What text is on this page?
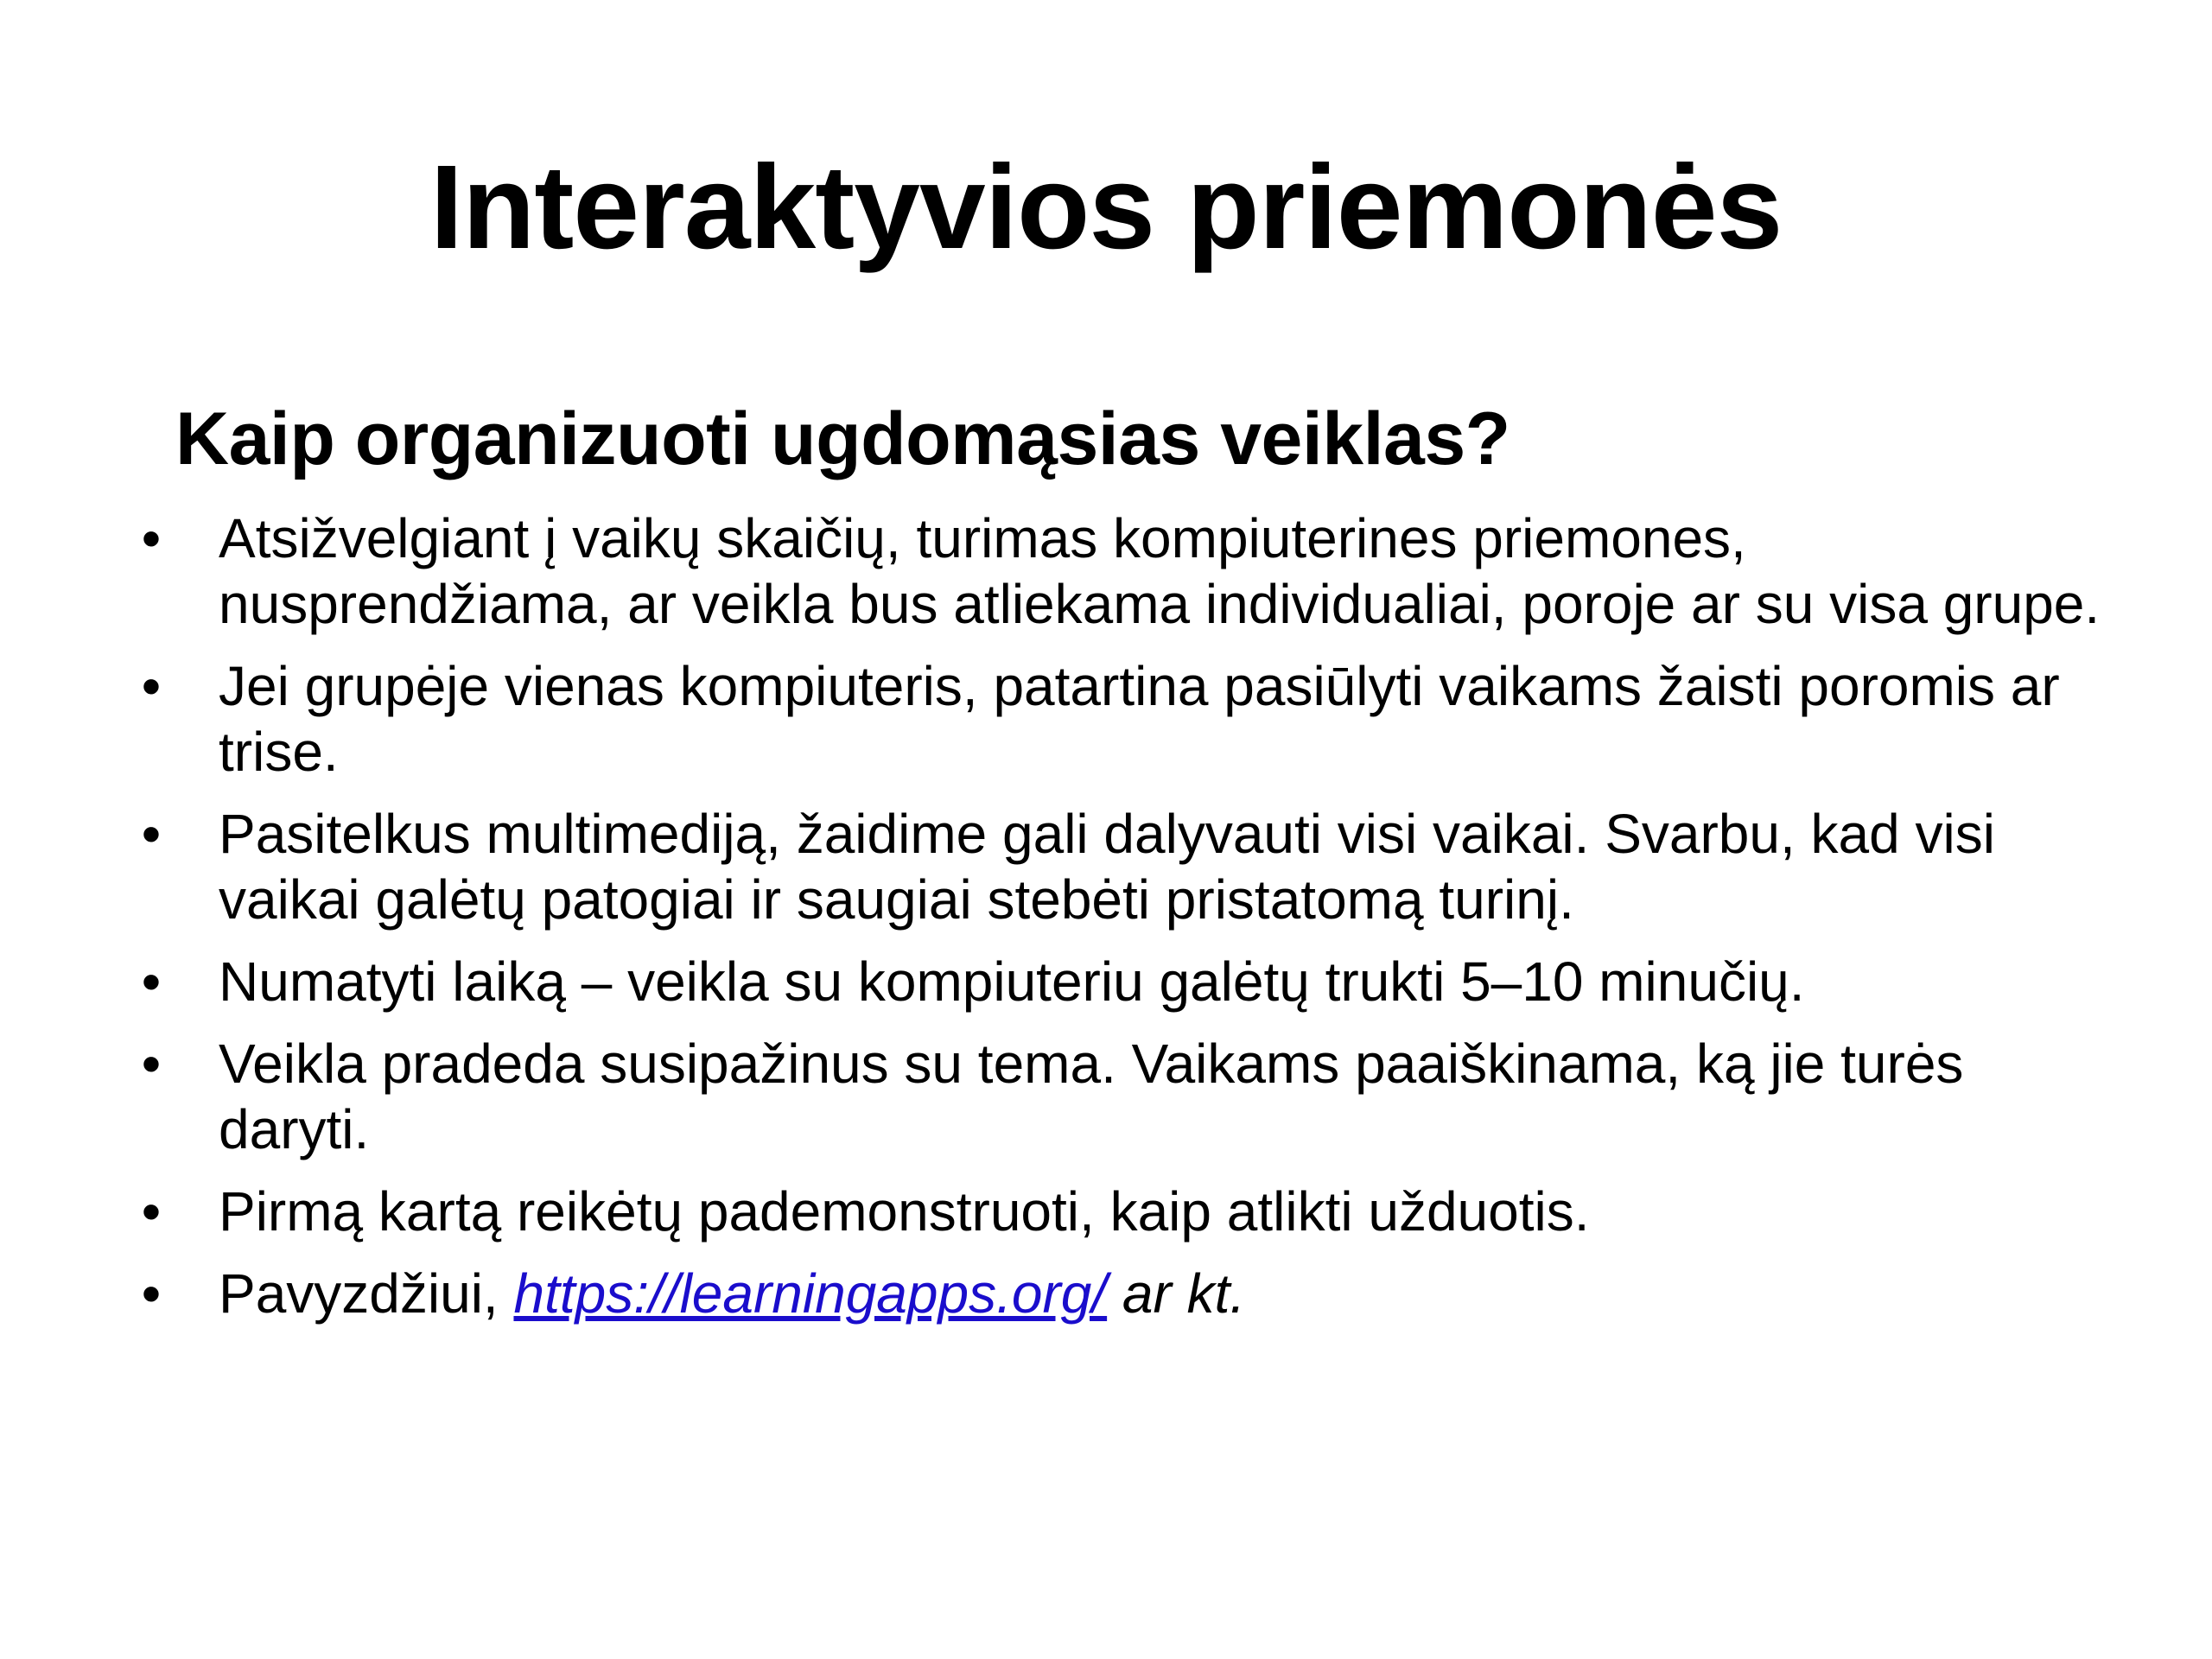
Interaktyvios priemonės
Kaip organizuoti ugdomąsias veiklas?
• Atsižvelgiant į vaikų skaičių, turimas kompiuterines priemones, nusprendžiama, ar veikla bus atliekama individualiai, poroje ar su visa grupe.
• Jei grupėje vienas kompiuteris, patartina pasiūlyti vaikams žaisti poromis ar trise.
• Pasitelkus multimediją, žaidime gali dalyvauti visi vaikai. Svarbu, kad visi vaikai galėtų patogiai ir saugiai stebėti pristatomą turinį.
• Numatyti laiką – veikla su kompiuteriu galėtų trukti 5–10 minučių.
• Veikla pradeda susipažinus su tema. Vaikams paaiškinama, ką jie turės daryti.
• Pirmą kartą reikėtų pademonstruoti, kaip atlikti užduotis.
• Pavyzdžiui, https://learningapps.org/ ar kt.
